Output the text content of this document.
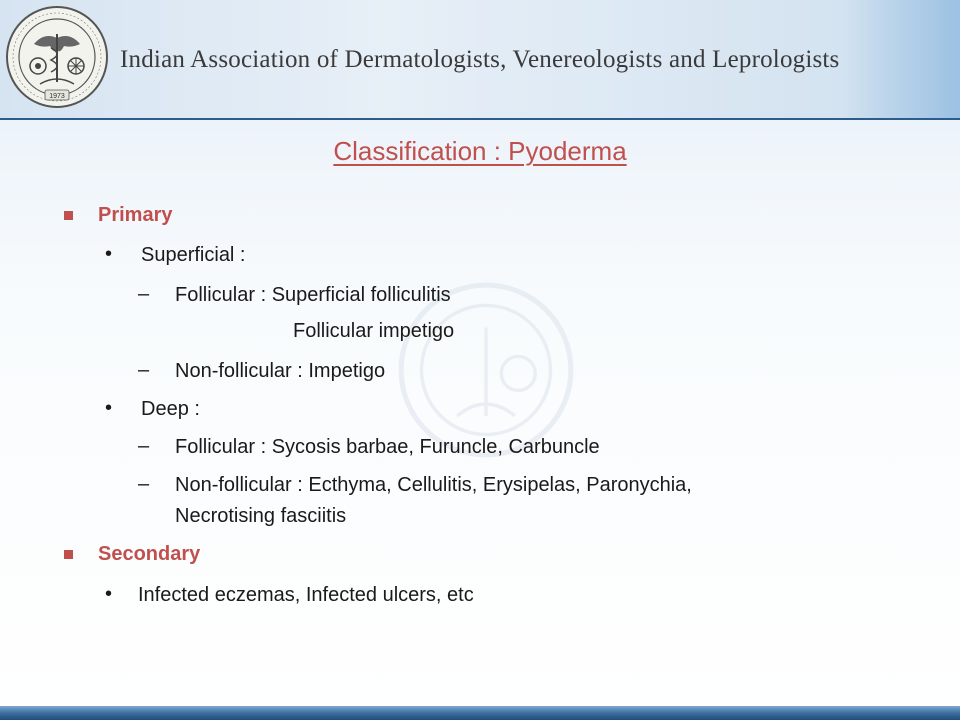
1973
Indian Association of Dermatologists, Venereologists and Leprologists
Classification : Pyoderma
Primary
• Superficial :
– Follicular : Superficial folliculitis
Follicular impetigo
– Non-follicular : Impetigo
• Deep :
– Follicular : Sycosis barbae, Furuncle, Carbuncle
– Non-follicular : Ecthyma, Cellulitis, Erysipelas, Paronychia,
Necrotising fasciitis
Secondary
• Infected eczemas, Infected ulcers, etc
